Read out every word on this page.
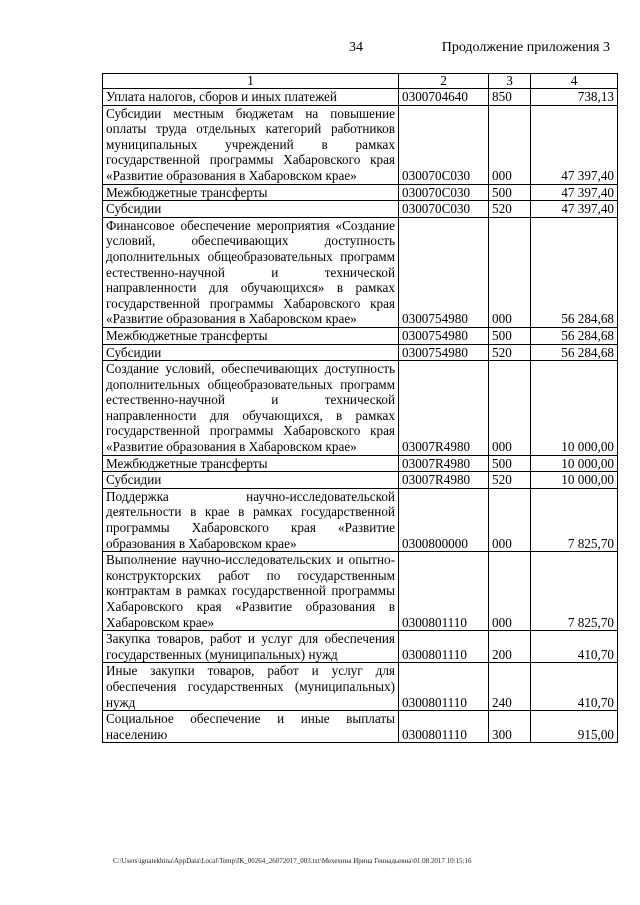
34	Продолжение приложения 3
1	2	3	4
Уплата налогов, сборов и иных платежей	0300704640	850	738,13
Субсидии местным бюджетам на повышение оплаты труда отдельных категорий работников муниципальных учреждений в рамках государственной программы Хабаровского края «Развитие образования в Хабаровском крае»	030070С030	000	47 397,40
Межбюджетные трансферты	030070С030	500	47 397,40
Субсидии	030070С030	520	47 397,40
Финансовое обеспечение мероприятия «Создание условий, обеспечивающих доступность дополнительных общеобразовательных программ естественно-научной и технической направленности для обучающихся» в рамках государственной программы Хабаровского края «Развитие образования в Хабаровском крае»	0300754980	000	56 284,68
Межбюджетные трансферты	0300754980	500	56 284,68
Субсидии	0300754980	520	56 284,68
Создание условий, обеспечивающих доступность дополнительных общеобразовательных программ естественно-научной и технической направленности для обучающихся, в рамках государственной программы Хабаровского края «Развитие образования в Хабаровском крае»	03007R4980	000	10 000,00
Межбюджетные трансферты	03007R4980	500	10 000,00
Субсидии	03007R4980	520	10 000,00
Поддержка научно-исследовательской деятельности в крае в рамках государственной программы Хабаровского края «Развитие образования в Хабаровском крае»	0300800000	000	7 825,70
Выполнение научно-исследовательских и опытно-конструкторских работ по государственным контрактам в рамках государственной программы Хабаровского края «Развитие образования в Хабаровском крае»	0300801110	000	7 825,70
Закупка товаров, работ и услуг для обеспечения государственных (муниципальных) нужд	0300801110	200	410,70
Иные закупки товаров, работ и услуг для обеспечения государственных (муниципальных) нужд	0300801110	240	410,70
Социальное обеспечение и иные выплаты населению	0300801110	300	915,00
C:\Users\ignatekhina\AppData\Local\Temp\IK_00264_26072017_003.txt\Мехехина Ирина Геннадьевна\01.08.2017 10:15:16
